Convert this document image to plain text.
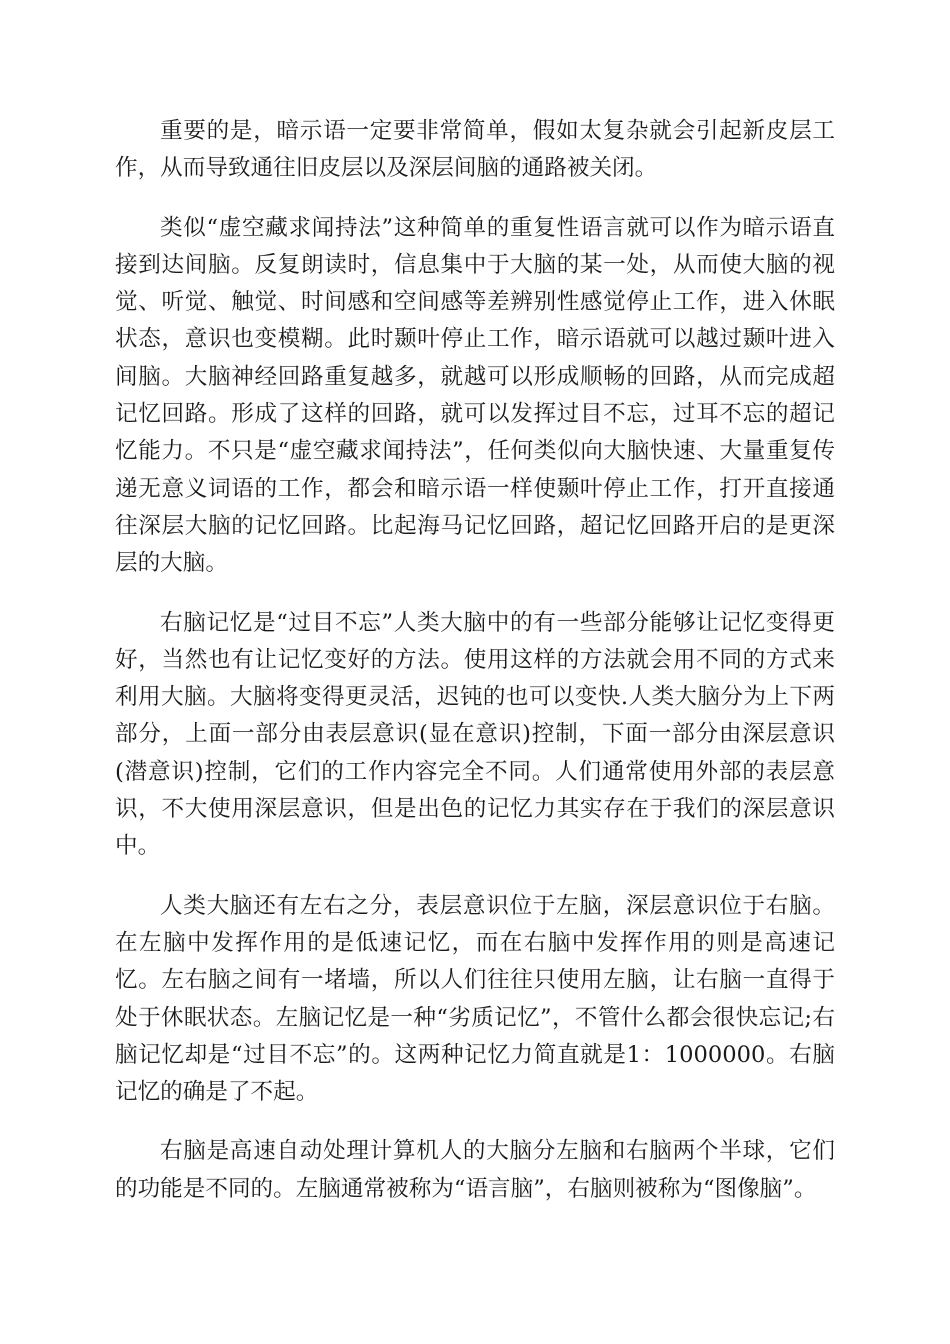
重要的是，暗示语一定要非常简单，假如太复杂就会引起新皮层工作，从而导致通往旧皮层以及深层间脑的通路被关闭。

类似“虚空藏求闻持法”这种简单的重复性语言就可以作为暗示语直接到达间脑。反复朗读时，信息集中于大脑的某一处，从而使大脑的视觉、听觉、触觉、时间感和空间感等差辨别性感觉停止工作，进入休眠状态，意识也变模糊。此时颞叶停止工作，暗示语就可以越过颞叶进入间脑。大脑神经回路重复越多，就越可以形成顺畅的回路，从而完成超记忆回路。形成了这样的回路，就可以发挥过目不忘，过耳不忘的超记忆能力。不只是“虚空藏求闻持法”，任何类似向大脑快速、大量重复传递无意义词语的工作，都会和暗示语一样使颞叶停止工作，打开直接通往深层大脑的记忆回路。比起海马记忆回路，超记忆回路开启的是更深层的大脑。

右脑记忆是“过目不忘”人类大脑中的有一些部分能够让记忆变得更好，当然也有让记忆变好的方法。使用这样的方法就会用不同的方式来利用大脑。大脑将变得更灵活，迟钝的也可以变快.人类大脑分为上下两部分，上面一部分由表层意识(显在意识)控制，下面一部分由深层意识(潜意识)控制，它们的工作内容完全不同。人们通常使用外部的表层意识，不大使用深层意识，但是出色的记忆力其实存在于我们的深层意识中。

人类大脑还有左右之分，表层意识位于左脑，深层意识位于右脑。在左脑中发挥作用的是低速记忆，而在右脑中发挥作用的则是高速记忆。左右脑之间有一堵墙，所以人们往往只使用左脑，让右脑一直得于处于休眠状态。左脑记忆是一种“劣质记忆”，不管什么都会很快忘记;右脑记忆却是“过目不忘”的。这两种记忆力简直就是1：1000000。右脑记忆的确是了不起。

右脑是高速自动处理计算机人的大脑分左脑和右脑两个半球，它们的功能是不同的。左脑通常被称为“语言脑”，右脑则被称为“图像脑”。
